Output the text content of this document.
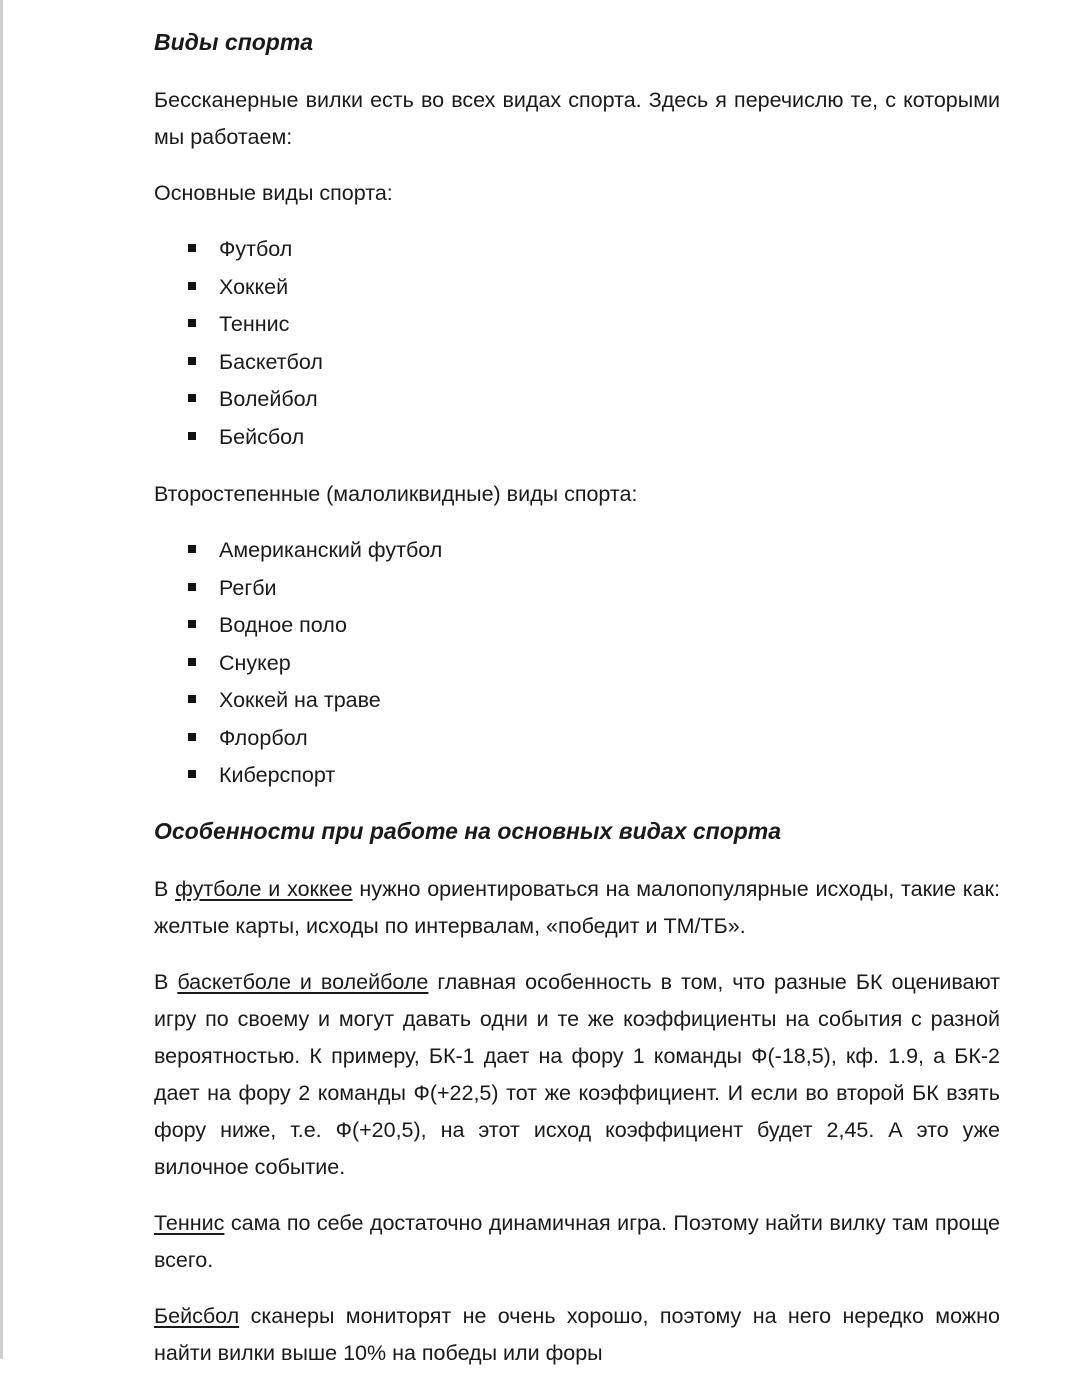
Виды спорта

Бессканерные вилки есть во всех видах спорта. Здесь я перечислю те, с которыми мы работаем:

Основные виды спорта:

Футбол
Хоккей
Теннис
Баскетбол
Волейбол
Бейсбол

Второстепенные (малоликвидные) виды спорта:

Американский футбол
Регби
Водное поло
Снукер
Хоккей на траве
Флорбол
Киберспорт
Особенности при работе на основных видах спорта

В футболе и хоккее нужно ориентироваться на малопопулярные исходы, такие как: желтые карты, исходы по интервалам, «победит и ТМ/ТБ».

В баскетболе и волейболе главная особенность в том, что разные БК оценивают игру по своему и могут давать одни и те же коэффициенты на события с разной вероятностью. К примеру, БК-1 дает на фору 1 команды Ф(-18,5), кф. 1.9, а БК-2 дает на фору 2 команды Ф(+22,5) тот же коэффициент. И если во второй БК взять фору ниже, т.е. Ф(+20,5), на этот исход коэффициент будет 2,45. А это уже вилочное событие.

Теннис сама по себе достаточно динамичная игра. Поэтому найти вилку там проще всего.

Бейсбол сканеры мониторят не очень хорошо, поэтому на него нередко можно найти вилки выше 10% на победы или форы
